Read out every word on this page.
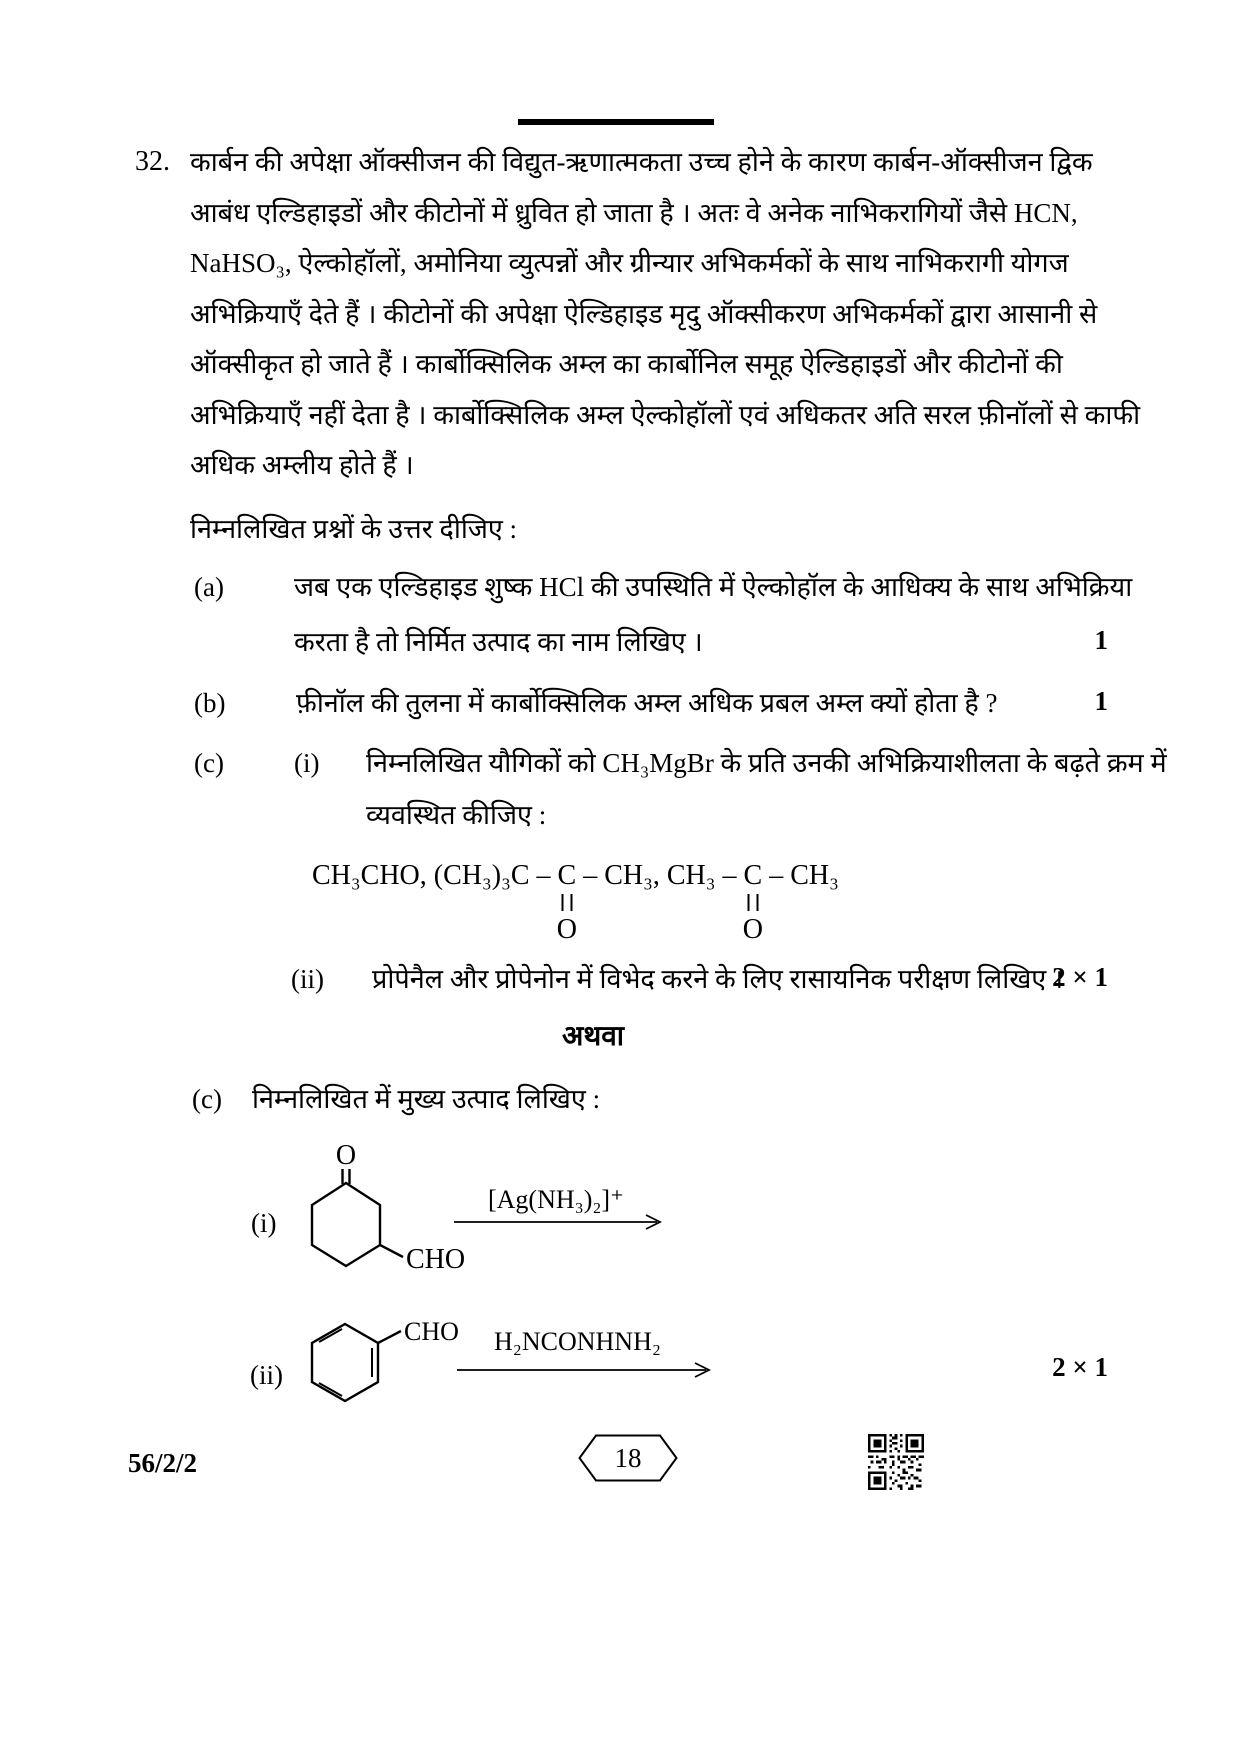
32. कार्बन की अपेक्षा ऑक्सीजन की विद्युत-ऋणात्मकता उच्च होने के कारण कार्बन-ऑक्सीजन द्विक
आबंध एल्डिहाइडों और कीटोनों में ध्रुवित हो जाता है । अतः वे अनेक नाभिकरागियों जैसे HCN,
NaHSO₃, ऐल्कोहॉलों, अमोनिया व्युत्पन्नों और ग्रीन्यार अभिकर्मकों के साथ नाभिकरागी योगज
अभिक्रियाएँ देते हैं । कीटोनों की अपेक्षा ऐल्डिहाइड मृदु ऑक्सीकरण अभिकर्मकों द्वारा आसानी से
ऑक्सीकृत हो जाते हैं । कार्बोक्सिलिक अम्ल का कार्बोनिल समूह ऐल्डिहाइडों और कीटोनों की
अभिक्रियाएँ नहीं देता है । कार्बोक्सिलिक अम्ल ऐल्कोहॉलों एवं अधिकतर अति सरल फ़ीनॉलों से काफी
अधिक अम्लीय होते हैं ।
निम्नलिखित प्रश्नों के उत्तर दीजिए :
(a)	जब एक एल्डिहाइड शुष्क HCl की उपस्थिति में ऐल्कोहॉल के आधिक्य के साथ अभिक्रिया
करता है तो निर्मित उत्पाद का नाम लिखिए ।	1
(b)	फ़ीनॉल की तुलना में कार्बोक्सिलिक अम्ल अधिक प्रबल अम्ल क्यों होता है ?	1
(c)	(i) निम्नलिखित यौगिकों को CH₃MgBr के प्रति उनकी अभिक्रियाशीलता के बढ़ते क्रम में
व्यवस्थित कीजिए :
CH₃CHO, (CH₃)₃C – C
O
– CH₃, CH₃ – C
O
– CH₃
(ii) प्रोपेनैल और प्रोपेनोन में विभेद करने के लिए रासायनिक परीक्षण लिखिए ।
2 × 1
अथवा
(c) निम्नलिखित में मुख्य उत्पाद लिखिए :
(i)
O
CHO
[Ag(NH₃)₂]⁺
(ii)
CHO H₂NCONHNH₂
2 × 1
56/2/2	18
